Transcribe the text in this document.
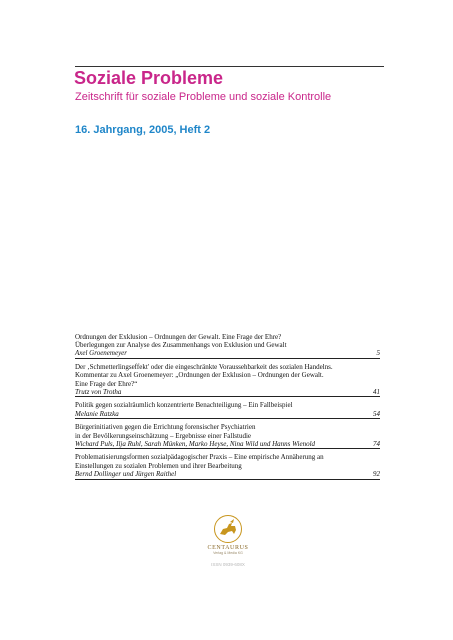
Soziale Probleme
Zeitschrift für soziale Probleme und soziale Kontrolle
16. Jahrgang, 2005, Heft 2
Ordnungen der Exklusion – Ordnungen der Gewalt. Eine Frage der Ehre?
Überlegungen zur Analyse des Zusammenhangs von Exklusion und Gewalt
Axel Groenemeyer	5
Der ‚Schmetterlingseffekt' oder die eingeschränkte Voraussehbarkeit des sozialen Handelns.
Kommentar zu Axel Groenemeyer: „Ordnungen der Exklusion – Ordnungen der Gewalt.
Eine Frage der Ehre?“
Trutz von Trotha	41
Politik gegen sozialräumlich konzentrierte Benachteiligung – Ein Fallbeispiel
Melanie Ratzka	54
Bürgerinitiativen gegen die Errichtung forensischer Psychiatrien
in der Bevölkerungseinschätzung – Ergebnisse einer Fallstudie
Wichard Puls, Ilja Ruhl, Sarah Münken, Marko Heyse, Nina Wild und Hanns Wienold	74
Problematisierungsformen sozialpädagogischer Praxis – Eine empirische Annäherung an
Einstellungen zu sozialen Problemen und ihrer Bearbeitung
Bernd Dollinger und Jürgen Raithel	92
CENTAURUS
Verlag & Media KG
ISSN 0939-608X
